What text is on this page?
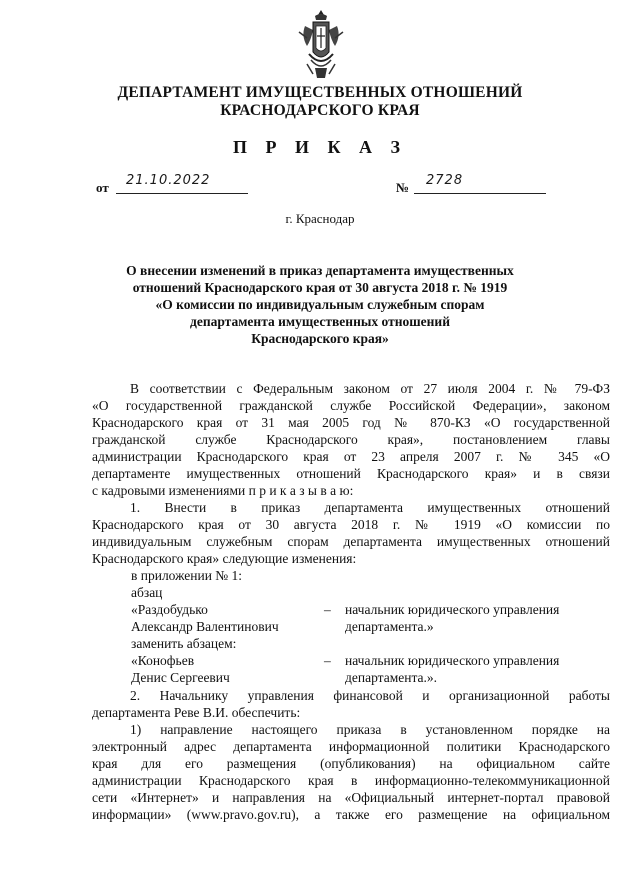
ДЕПАРТАМЕНТ ИМУЩЕСТВЕННЫХ ОТНОШЕНИЙ
КРАСНОДАРСКОГО КРАЯ
П Р И К А З
от 21.10.2022	№ 2728
г. Краснодар
О внесении изменений в приказ департамента имущественных
отношений Краснодарского края от 30 августа 2018 г. № 1919
«О комиссии по индивидуальным служебным спорам
департамента имущественных отношений
Краснодарского края»
В соответствии с Федеральным законом от 27 июля 2004 г. № 79-ФЗ
«О государственной гражданской службе Российской Федерации», законом
Краснодарского края от 31 мая 2005 год № 870-КЗ «О государственной
гражданской службе Краснодарского края», постановлением главы
администрации Краснодарского края от 23 апреля 2007 г. № 345 «О
департаменте имущественных отношений Краснодарского края» и в связи
с кадровыми изменениями п р и к а з ы в а ю:
1. Внести в приказ департамента имущественных отношений
Краснодарского края от 30 августа 2018 г. № 1919 «О комиссии по
индивидуальным служебным спорам департамента имущественных отношений
Краснодарского края» следующие изменения:
в приложении № 1:
абзац
«Раздобудько	– начальник юридического управления
Александр Валентинович	департамента.»
заменить абзацем:
«Конофьев	– начальник юридического управления
Денис Сергеевич	департамента.».
2. Начальнику управления финансовой и организационной работы
департамента Реве В.И. обеспечить:
1) направление настоящего приказа в установленном порядке на
электронный адрес департамента информационной политики Краснодарского
края для его размещения (опубликования) на официальном сайте
администрации Краснодарского края в информационно-телекоммуникационной
сети «Интернет» и направления на «Официальный интернет-портал правовой
информации» (www.pravo.gov.ru), а также его размещение на официальном
